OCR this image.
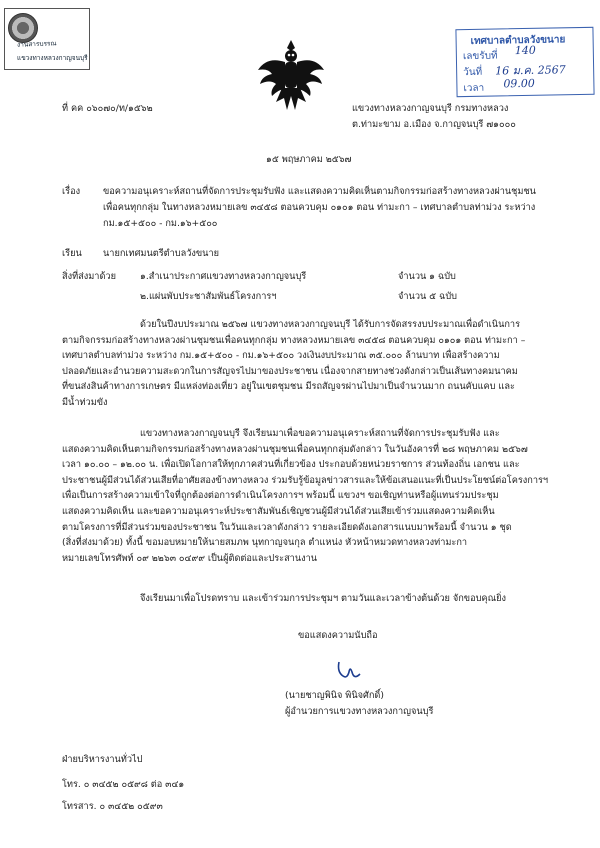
งานสารบรรณ
แขวงทางหลวงกาญจนบุรี
เทศบาลตำบลวังขนาย
เลขรับที่ 140
วันที่ 16 ม.ค. 2567
เวลา 09.00
ที่ คค ๐๖๐๗๐/ท/๑๕๖๒	แขวงทางหลวงกาญจนบุรี กรมทางหลวง
ต.ท่ามะขาม อ.เมือง จ.กาญจนบุรี ๗๑๐๐๐
๑๕ พฤษภาคม ๒๕๖๗
เรื่อง ขอความอนุเคราะห์สถานที่จัดการประชุมรับฟัง และแสดงความคิดเห็นตามกิจกรรมก่อสร้างทางหลวงผ่านชุมชน
เพื่อคนทุกกลุ่ม ในทางหลวงหมายเลข ๓๔๕๘ ตอนควบคุม ๐๑๐๑ ตอน ท่ามะกา – เทศบาลตำบลท่าม่วง ระหว่าง
กม.๑๕+๕๐๐ - กม.๑๖+๕๐๐
เรียน นายกเทศมนตรีตำบลวังขนาย
สิ่งที่ส่งมาด้วย	๑.สำเนาประกาศแขวงทางหลวงกาญจนบุรี	จำนวน ๑ ฉบับ
๒.แผ่นพับประชาสัมพันธ์โครงการฯ	จำนวน ๕ ฉบับ
ด้วยในปีงบประมาณ ๒๕๖๗ แขวงทางหลวงกาญจนบุรี ได้รับการจัดสรรงบประมาณเพื่อดำเนินการ
ตามกิจกรรมก่อสร้างทางหลวงผ่านชุมชนเพื่อคนทุกกลุ่ม ทางหลวงหมายเลข ๓๔๕๘ ตอนควบคุม ๐๑๐๑ ตอน ท่ามะกา –
เทศบาลตำบลท่าม่วง ระหว่าง กม.๑๕+๕๐๐ - กม.๑๖+๕๐๐ วงเงินงบประมาณ ๓๕.๐๐๐ ล้านบาท เพื่อสร้างความ
ปลอดภัยและอำนวยความสะดวกในการสัญจรไปมาของประชาชน เนื่องจากสายทางช่วงดังกล่าวเป็นเส้นทางคมนาคม
ที่ขนส่งสินค้าทางการเกษตร มีแหล่งท่องเที่ยว อยู่ในเขตชุมชน มีรถสัญจรผ่านไปมาเป็นจำนวนมาก ถนนคับแคบ และ
มีน้ำท่วมขัง
แขวงทางหลวงกาญจนบุรี จึงเรียนมาเพื่อขอความอนุเคราะห์สถานที่จัดการประชุมรับฟัง และ
แสดงความคิดเห็นตามกิจกรรมก่อสร้างทางหลวงผ่านชุมชนเพื่อคนทุกกลุ่มดังกล่าว ในวันอังคารที่ ๒๘ พฤษภาคม ๒๕๖๗
เวลา ๑๐.๐๐ – ๑๒.๐๐ น. เพื่อเปิดโอกาสให้ทุกภาคส่วนที่เกี่ยวข้อง ประกอบด้วยหน่วยราชการ ส่วนท้องถิ่น เอกชน และ
ประชาชนผู้มีส่วนได้ส่วนเสียที่อาศัยสองข้างทางหลวง ร่วมรับรู้ข้อมูลข่าวสารและให้ข้อเสนอแนะที่เป็นประโยชน์ต่อโครงการฯ
เพื่อเป็นการสร้างความเข้าใจที่ถูกต้องต่อการดำเนินโครงการฯ พร้อมนี้ แขวงฯ ขอเชิญท่านหรือผู้แทนร่วมประชุม
แสดงความคิดเห็น และขอความอนุเคราะห์ประชาสัมพันธ์เชิญชวนผู้มีส่วนได้ส่วนเสียเข้าร่วมแสดงความคิดเห็น
ตามโครงการที่มีส่วนร่วมของประชาชน ในวันและเวลาดังกล่าว รายละเอียดดังเอกสารแนบมาพร้อมนี้ จำนวน ๑ ชุด
(สิ่งที่ส่งมาด้วย) ทั้งนี้ ขอมอบหมายให้นายสมภพ นุทกาญจนกุล ตำแหน่ง หัวหน้าหมวดทางหลวงท่ามะกา
หมายเลขโทรศัพท์ ๐๙ ๒๒๖๓ ๐๔๙๙ เป็นผู้ติดต่อและประสานงาน
จึงเรียนมาเพื่อโปรดทราบ และเข้าร่วมการประชุมฯ ตามวันและเวลาข้างต้นด้วย จักขอบคุณยิ่ง
ขอแสดงความนับถือ
(นายชาญพินิจ พินิจศักดิ์)
ผู้อำนวยการแขวงทางหลวงกาญจนบุรี
ฝ่ายบริหารงานทั่วไป
โทร. ๐ ๓๔๕๒ ๐๕๙๘ ต่อ ๓๔๑
โทรสาร. ๐ ๓๔๕๒ ๐๕๙๓
